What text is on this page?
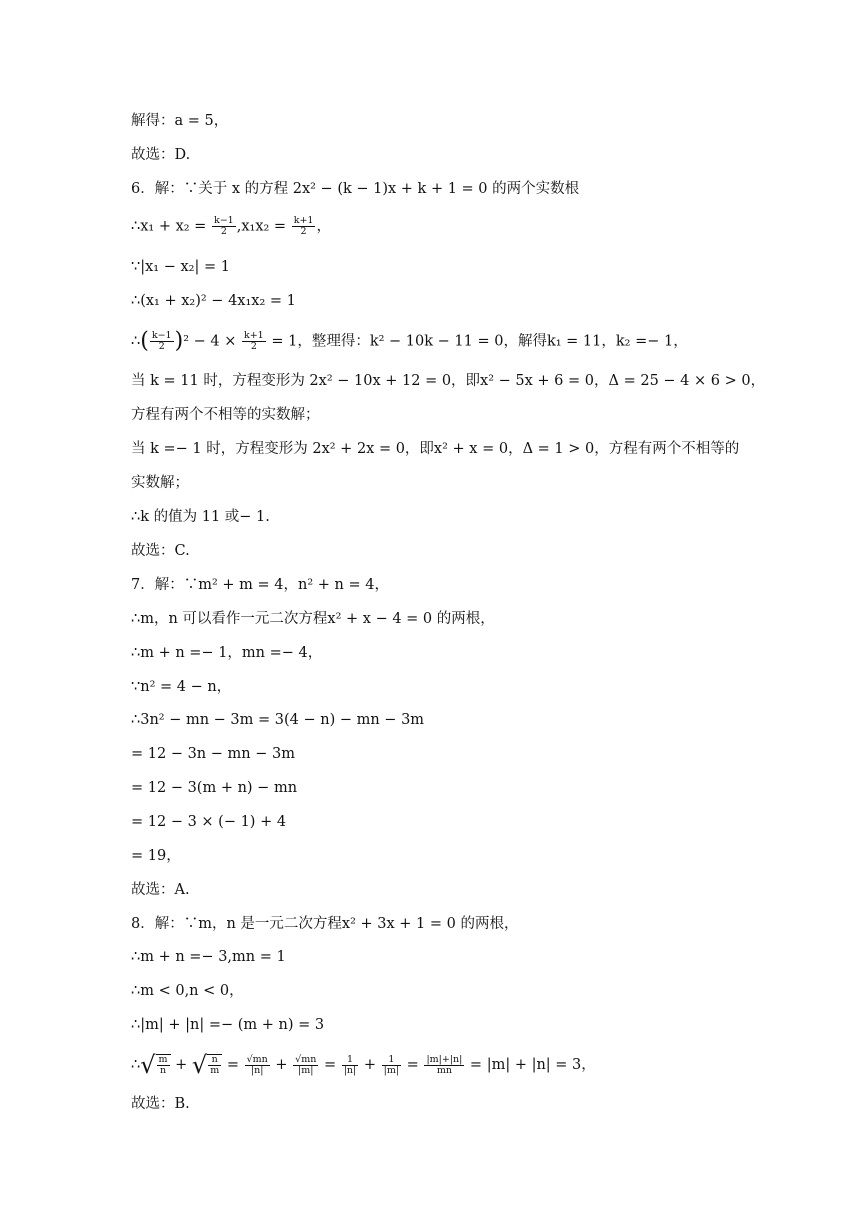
解得：a = 5，
故选：D.
6．解：∵关于 x 的方程 2x² − (k − 1)x + k + 1 = 0 的两个实数根
∴x₁ + $x_2 = \frac{k-1}{2} ,x_1x_2 = \frac{k+1}{2}$ ，
∵|x₁ − x₂| = 1
∴(x₁ + x₂)² − 4x₁x₂ = 1
∴( $\frac{k-1}{2} )^2 - 4 \times \frac{k+1}{2} = 1$，整理得：k² − 10k − 11 = 0，解得k₁ = 11，k₂ =− 1，
当 k = 11 时，方程变形为 2x² − 10x + 12 = 0，即x² − 5x + 6 = 0，Δ = 25 − 4 × 6 > 0，
方程有两个不相等的实数解；
当 k =− 1 时，方程变形为 2x² + 2x = 0，即x² + x = 0，Δ = 1 > 0，方程有两个不相等的
实数解；
∴k 的值为 11 或− 1.
故选：C.
7．解：∵m² + m = 4，n² + n = 4，
∴m，n 可以看作一元二次方程x² + x − 4 = 0 的两根，
∴m + n =− 1，mn =− 4，
∵n² = 4 − n，
∴3n² − mn − 3m = 3(4 − n) − mn − 3m
= 12 − 3n − mn − 3m
= 12 − 3(m + n) − mn
= 12 − 3 × (− 1) + 4
= 19，
故选：A.
8．解：∵m，n 是一元二次方程x² + 3x + 1 = 0 的两根，
∴m + n =− 3,mn = 1
∴m < 0,n < 0，
∴|m| + |n| =− (m + n) = 3
∴√ $\frac{m}{n}$ + √ $\frac{n}{m} = \frac{√mn}{|n|} + \frac{√mn}{|m|} = \frac{1}{|n|} + \frac{1}{|m|} = \frac{|m|+|n|}{mn} = |m| + |n| = 3$，
故选：B.
